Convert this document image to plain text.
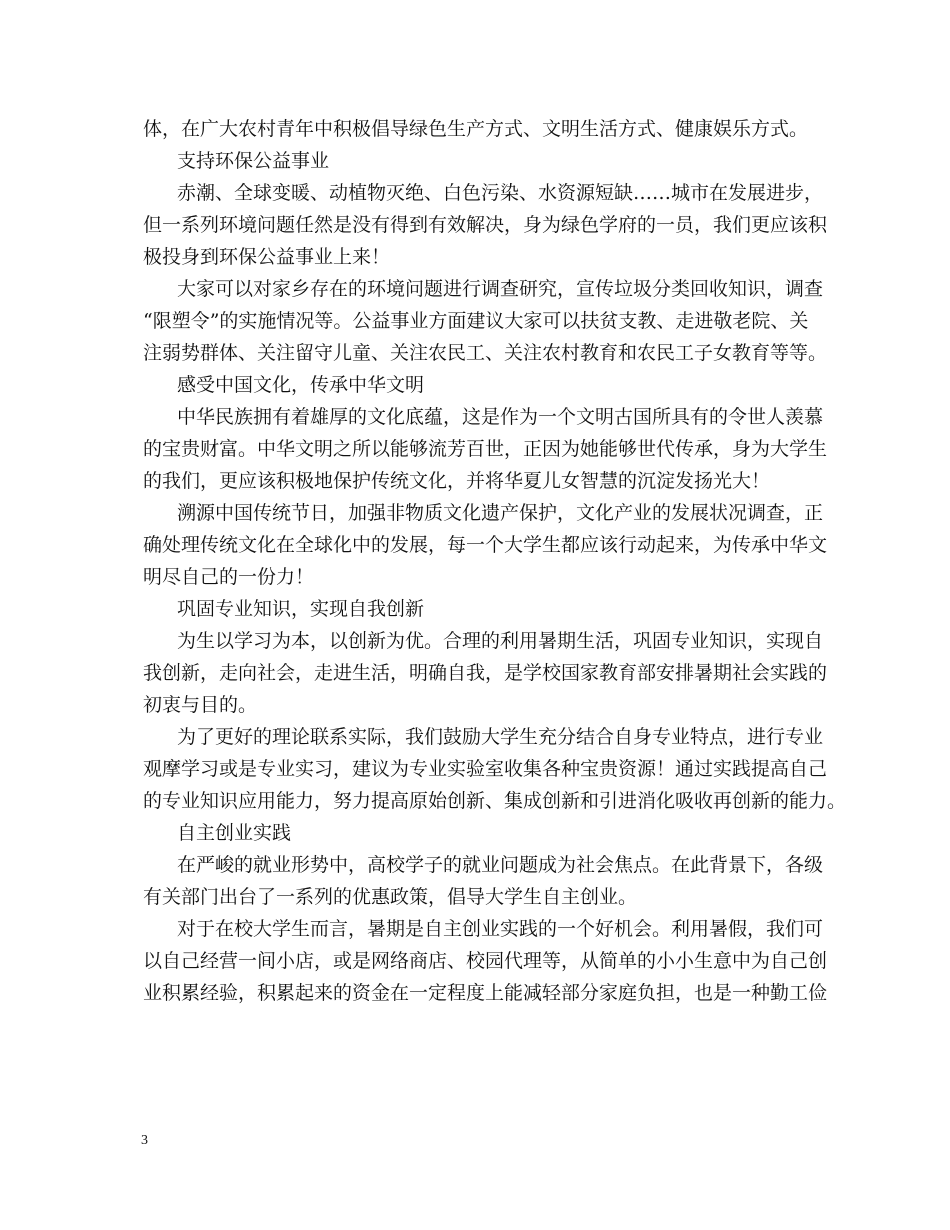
体，在广大农村青年中积极倡导绿色生产方式、文明生活方式、健康娱乐方式。
支持环保公益事业
赤潮、全球变暖、动植物灭绝、白色污染、水资源短缺……城市在发展进步，
但一系列环境问题任然是没有得到有效解决，身为绿色学府的一员，我们更应该积
极投身到环保公益事业上来！
大家可以对家乡存在的环境问题进行调查研究，宣传垃圾分类回收知识，调查
“限塑令”的实施情况等。公益事业方面建议大家可以扶贫支教、走进敬老院、关
注弱势群体、关注留守儿童、关注农民工、关注农村教育和农民工子女教育等等。
感受中国文化，传承中华文明
中华民族拥有着雄厚的文化底蕴，这是作为一个文明古国所具有的令世人羡慕
的宝贵财富。中华文明之所以能够流芳百世，正因为她能够世代传承，身为大学生
的我们，更应该积极地保护传统文化，并将华夏儿女智慧的沉淀发扬光大！
溯源中国传统节日，加强非物质文化遗产保护，文化产业的发展状况调查，正
确处理传统文化在全球化中的发展，每一个大学生都应该行动起来，为传承中华文
明尽自己的一份力！
巩固专业知识，实现自我创新
为生以学习为本，以创新为优。合理的利用暑期生活，巩固专业知识，实现自
我创新，走向社会，走进生活，明确自我，是学校国家教育部安排暑期社会实践的
初衷与目的。
为了更好的理论联系实际，我们鼓励大学生充分结合自身专业特点，进行专业
观摩学习或是专业实习，建议为专业实验室收集各种宝贵资源！通过实践提高自己
的专业知识应用能力，努力提高原始创新、集成创新和引进消化吸收再创新的能力。
自主创业实践
在严峻的就业形势中，高校学子的就业问题成为社会焦点。在此背景下，各级
有关部门出台了一系列的优惠政策，倡导大学生自主创业。
对于在校大学生而言，暑期是自主创业实践的一个好机会。利用暑假，我们可
以自己经营一间小店，或是网络商店、校园代理等，从简单的小小生意中为自己创
业积累经验，积累起来的资金在一定程度上能减轻部分家庭负担，也是一种勤工俭
3
